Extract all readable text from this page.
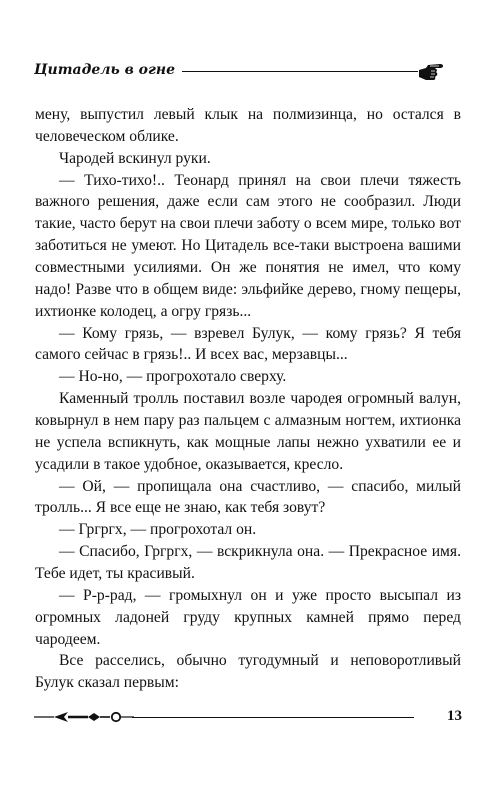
Цитадель в огне

мену, выпустил левый клык на полмизинца, но остался в человеческом облике.

Чародей вскинул руки.

— Тихо-тихо!.. Теонард принял на свои плечи тяжесть важного решения, даже если сам этого не сообразил. Люди такие, часто берут на свои плечи заботу о всем мире, только вот заботиться не умеют. Но Цитадель все-таки выстроена вашими совместными усилиями. Он же понятия не имел, что кому надо! Разве что в общем виде: эльфийке дерево, гному пещеры, ихтионке колодец, а огру грязь...

— Кому грязь, — взревел Булук, — кому грязь? Я тебя самого сейчас в грязь!.. И всех вас, мерзавцы...

— Но-но, — прогрохотало сверху.

Каменный тролль поставил возле чародея огромный валун, ковырнул в нем пару раз пальцем с алмазным ногтем, ихтионка не успела вспикнуть, как мощные лапы нежно ухватили ее и усадили в такое удобное, оказывается, кресло.

— Ой, — пропищала она счастливо, — спасибо, милый тролль... Я все еще не знаю, как тебя зовут?

— Гргргх, — прогрохотал он.

— Спасибо, Гргргх, — вскрикнула она. — Прекрасное имя. Тебе идет, ты красивый.

— Р-р-рад, — громыхнул он и уже просто высыпал из огромных ладоней груду крупных камней прямо перед чародеем.

Все расселись, обычно тугодумный и неповоротливый Булук сказал первым:

13
